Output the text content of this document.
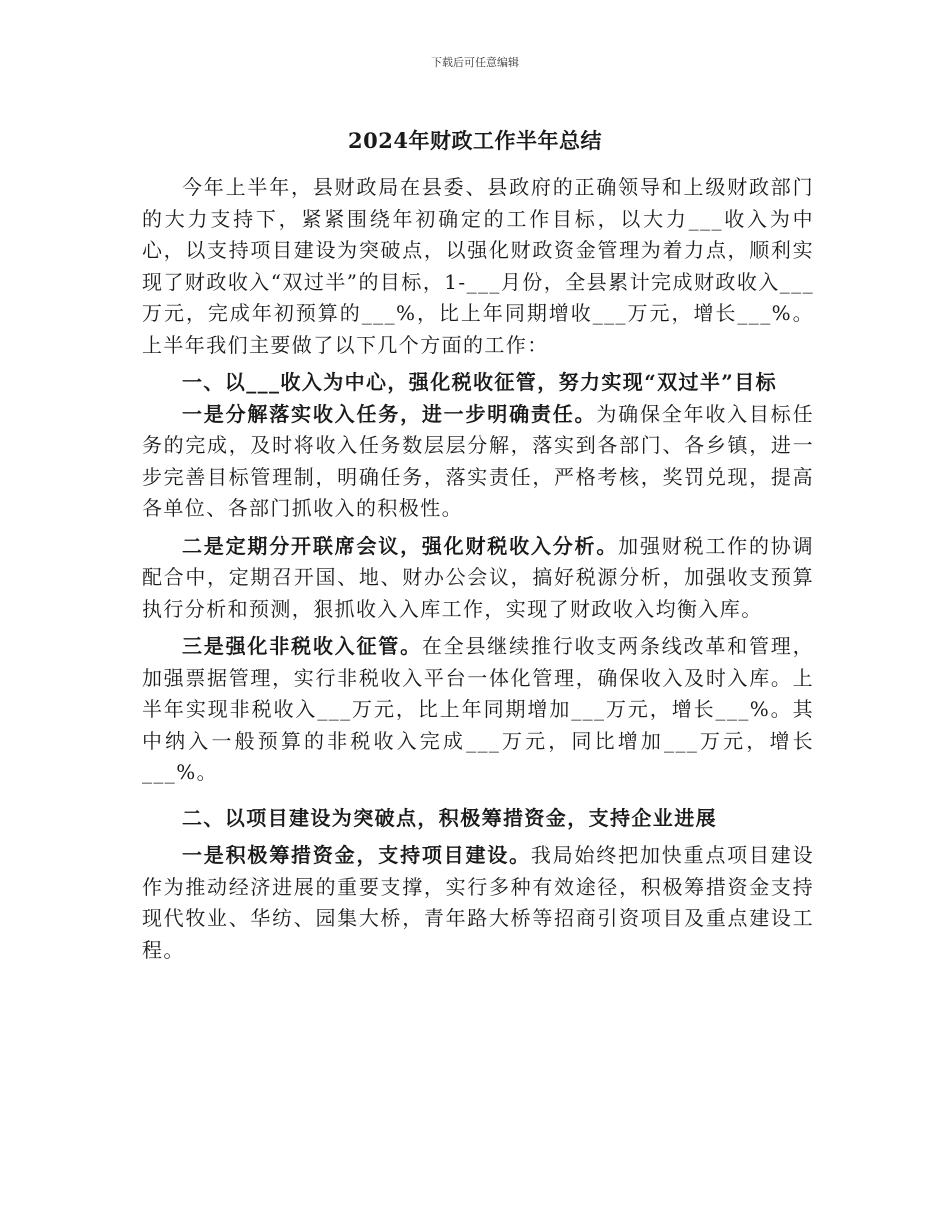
下载后可任意编辑
2024年财政工作半年总结

今年上半年，县财政局在县委、县政府的正确领导和上级财政部门的大力支持下，紧紧围绕年初确定的工作目标，以大力___收入为中心，以支持项目建设为突破点，以强化财政资金管理为着力点，顺利实现了财政收入“双过半”的目标，1-___月份，全县累计完成财政收入___万元，完成年初预算的___%，比上年同期增收___万元，增长___%。上半年我们主要做了以下几个方面的工作：

一、以___收入为中心，强化税收征管，努力实现“双过半”目标

一是分解落实收入任务，进一步明确责任。为确保全年收入目标任务的完成，及时将收入任务数层层分解，落实到各部门、各乡镇，进一步完善目标管理制，明确任务，落实责任，严格考核，奖罚兑现，提高各单位、各部门抓收入的积极性。

二是定期分开联席会议，强化财税收入分析。加强财税工作的协调配合中，定期召开国、地、财办公会议，搞好税源分析，加强收支预算执行分析和预测，狠抓收入入库工作，实现了财政收入均衡入库。

三是强化非税收入征管。在全县继续推行收支两条线改革和管理，加强票据管理，实行非税收入平台一体化管理，确保收入及时入库。上半年实现非税收入___万元，比上年同期增加___万元，增长___%。其中纳入一般预算的非税收入完成___万元，同比增加___万元，增长___%。

二、以项目建设为突破点，积极筹措资金，支持企业进展

一是积极筹措资金，支持项目建设。我局始终把加快重点项目建设作为推动经济进展的重要支撑，实行多种有效途径，积极筹措资金支持现代牧业、华纺、园集大桥，青年路大桥等招商引资项目及重点建设工程。
